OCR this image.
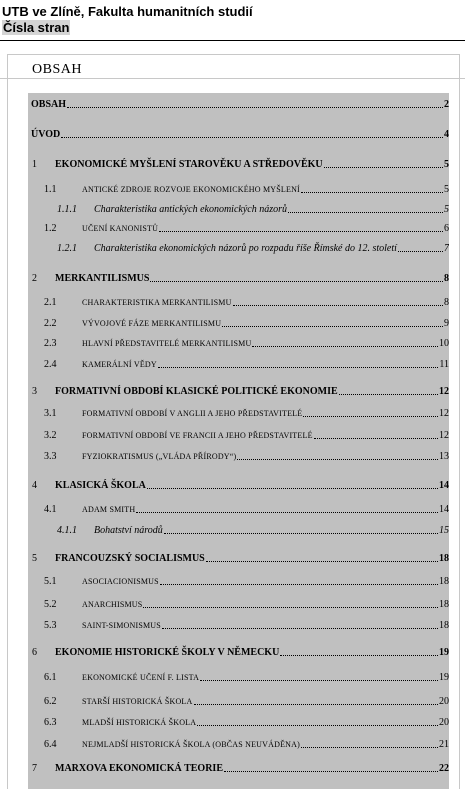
UTB ve Zlíně, Fakulta humanitních studií
Čísla stran
OBSAH
OBSAH	2
ÚVOD	4
1 EKONOMICKÉ MYŠLENÍ STAROVĚKU A STŘEDOVĚKU	5
1.1	ANTICKÉ ZDROJE ROZVOJE EKONOMICKÉHO MYŠLENÍ	5
1.1.1 Charakteristika antických ekonomických názorů	5
1.2	UČENÍ KANONISTŮ	6
1.2.1 Charakteristika ekonomických názorů po rozpadu říše Římské do 12. století	7
2 MERKANTILISMUS	8
2.1	CHARAKTERISTIKA MERKANTILISMU	8
2.2	VÝVOJOVÉ FÁZE MERKANTILISMU	9
2.3	HLAVNÍ PŘEDSTAVITELÉ MERKANTILISMU	10
2.4	KAMERÁLNÍ VĚDY	11
3 FORMATIVNÍ OBDOBÍ KLASICKÉ POLITICKÉ EKONOMIE	12
3.1	FORMATIVNÍ OBDOBÍ V ANGLII A JEHO PŘEDSTAVITELÉ	12
3.2	FORMATIVNÍ OBDOBÍ VE FRANCII A JEHO PŘEDSTAVITELÉ	12
3.3	FYZIOKRATISMUS („VLÁDA PŘÍRODY“)	13
4 KLASICKÁ ŠKOLA	14
4.1	ADAM SMITH	14
4.1.1 Bohatství národů	15
5 FRANCOUZSKÝ SOCIALISMUS	18
5.1	ASOCIACIONISMUS	18
5.2	ANARCHISMUS	18
5.3	SAINT-SIMONISMUS	18
6 EKONOMIE HISTORICKÉ ŠKOLY V NĚMECKU	19
6.1	EKONOMICKÉ UČENÍ F. LISTA	19
6.2	STARŠÍ HISTORICKÁ ŠKOLA	20
6.3	MLADŠÍ HISTORICKÁ ŠKOLA	20
6.4	NEJMLADŠÍ HISTORICKÁ ŠKOLA (OBČAS NEUVÁDĚNA)	21
7 MARXOVA EKONOMICKÁ TEORIE	22
